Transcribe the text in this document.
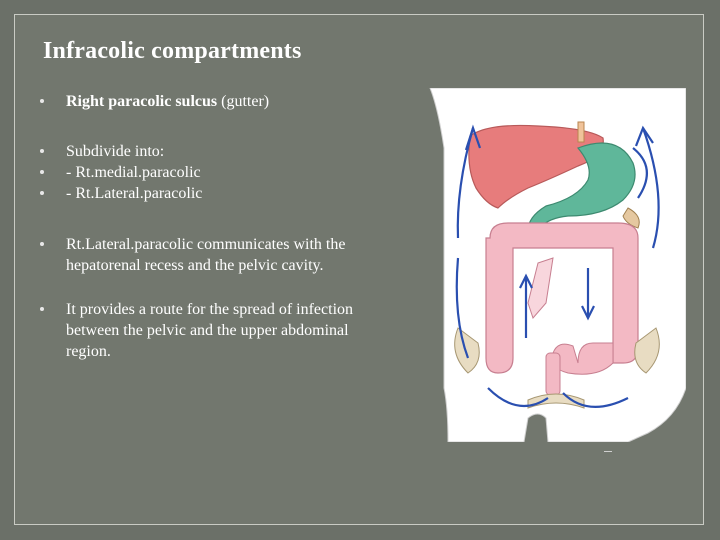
Infracolic compartments
Right paracolic sulcus (gutter)
Subdivide into:
- Rt.medial.paracolic
- Rt.Lateral.paracolic
Rt.Lateral.paracolic communicates with the hepatorenal recess and the pelvic cavity.
It provides a route for the spread of infection between the pelvic and the upper abdominal region.
